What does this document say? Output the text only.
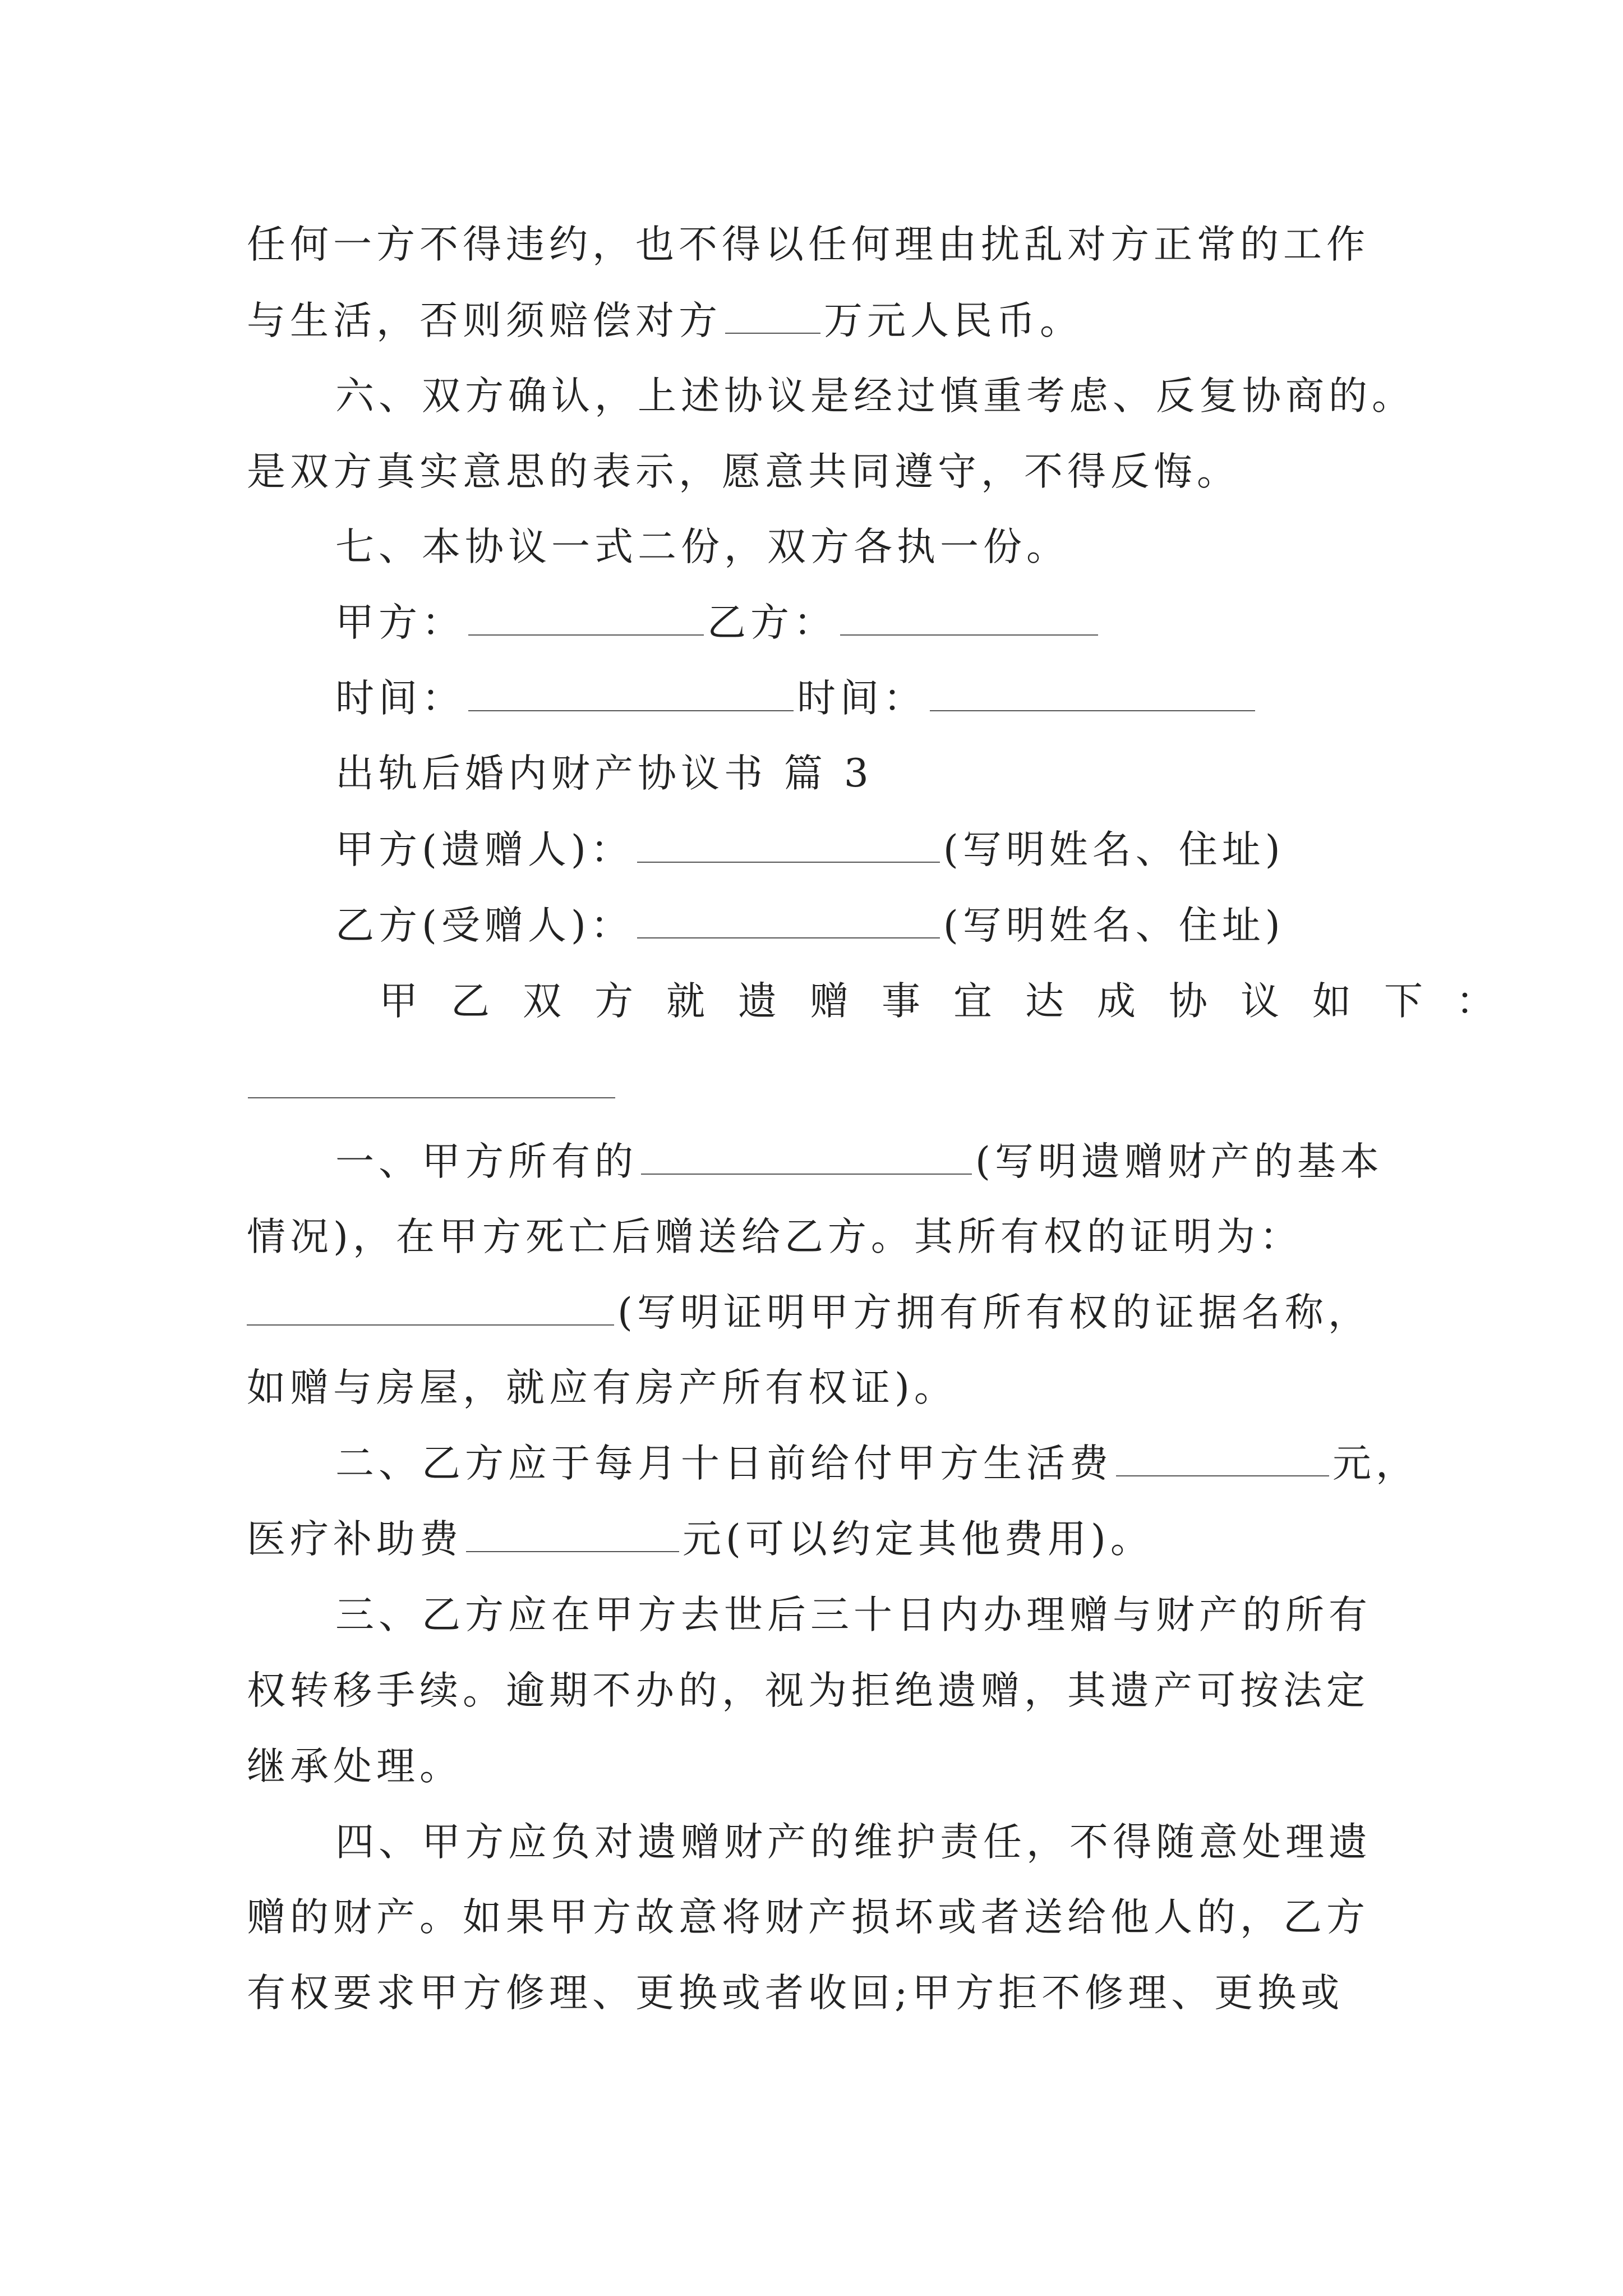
任何一方不得违约，也不得以任何理由扰乱对方正常的工作
与生活，否则须赔偿对方	万元人民币。
六、双方确认，上述协议是经过慎重考虑、反复协商的。
是双方真实意思的表示，愿意共同遵守，不得反悔。
七、本协议一式二份，双方各执一份。
甲方：	乙方：
时间：	时间：
出轨后婚内财产协议书 篇 3
甲方(遗赠人)：	(写明姓名、住址)
乙方(受赠人)：	(写明姓名、住址)
甲乙双方就遗赠事宜达成协议如下：
一、甲方所有的	(写明遗赠财产的基本
情况)，在甲方死亡后赠送给乙方。其所有权的证明为：
(写明证明甲方拥有所有权的证据名称，
如赠与房屋，就应有房产所有权证)。
二、乙方应于每月十日前给付甲方生活费	元，
医疗补助费	元(可以约定其他费用)。
三、乙方应在甲方去世后三十日内办理赠与财产的所有
权转移手续。逾期不办的，视为拒绝遗赠，其遗产可按法定
继承处理。
四、甲方应负对遗赠财产的维护责任，不得随意处理遗
赠的财产。如果甲方故意将财产损坏或者送给他人的，乙方
有权要求甲方修理、更换或者收回;甲方拒不修理、更换或
